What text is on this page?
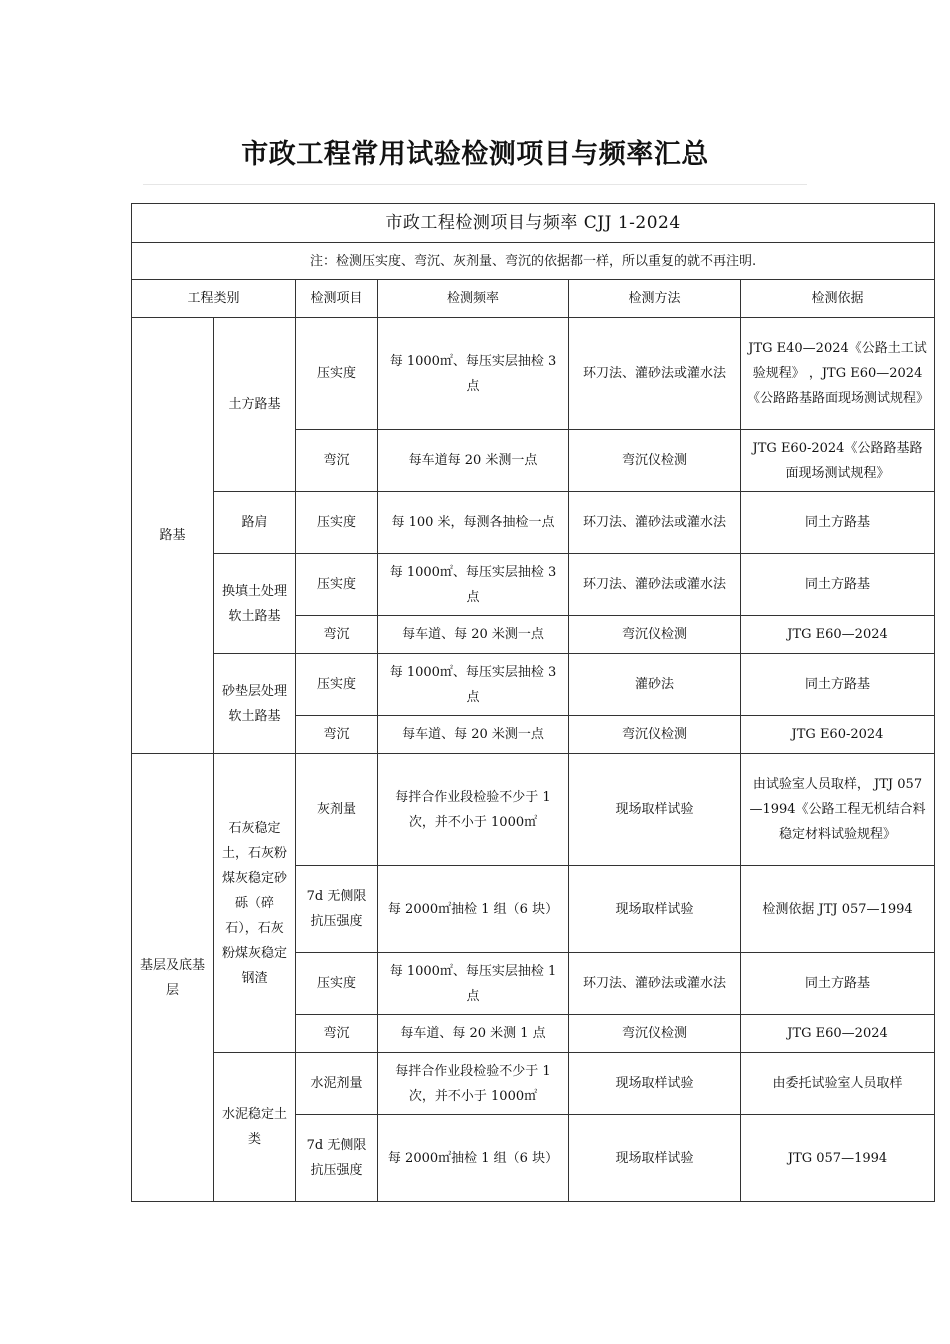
市政工程常用试验检测项目与频率汇总
市政工程检测项目与频率 CJJ 1-2024					
注：检测压实度、弯沉、灰剂量、弯沉的依据都一样，所以重复的就不再注明.					
工程类别		检测项目	检测频率	检测方法	检测依据
路基	土方路基	压实度	每 1000㎡、每压实层抽检 3 点	环刀法、灌砂法或灌水法	JTG E40—2024《公路土工试验规程》 ，JTG E60—2024《公路路基路面现场测试规程》
		弯沉	每车道每 20 米测一点	弯沉仪检测	JTG E60-2024《公路路基路面现场测试规程》
	路肩	压实度	每 100 米，每测各抽检一点	环刀法、灌砂法或灌水法	同土方路基
	换填土处理软土路基	压实度	每 1000㎡、每压实层抽检 3 点	环刀法、灌砂法或灌水法	同土方路基
		弯沉	每车道、每 20 米测一点	弯沉仪检测	JTG E60—2024
	砂垫层处理软土路基	压实度	每 1000㎡、每压实层抽检 3 点	灌砂法	同土方路基
		弯沉	每车道、每 20 米测一点	弯沉仪检测	JTG E60-2024
基层及底基层	石灰稳定土，石灰粉煤灰稳定砂砾（碎石），石灰粉煤灰稳定钢渣	灰剂量	每拌合作业段检验不少于 1 次，并不小于 1000㎡	现场取样试验	由试验室人员取样， JTJ 057—1994《公路工程无机结合料稳定材料试验规程》
		7d 无侧限抗压强度	每 2000㎡抽检 1 组（6 块）	现场取样试验	检测依据 JTJ 057—1994
		压实度	每 1000㎡、每压实层抽检 1 点	环刀法、灌砂法或灌水法	同土方路基
		弯沉	每车道、每 20 米测 1 点	弯沉仪检测	JTG E60—2024
	水泥稳定土类	水泥剂量	每拌合作业段检验不少于 1 次，并不小于 1000㎡	现场取样试验	由委托试验室人员取样
		7d 无侧限抗压强度	每 2000㎡抽检 1 组（6 块）	现场取样试验	JTG 057—1994
